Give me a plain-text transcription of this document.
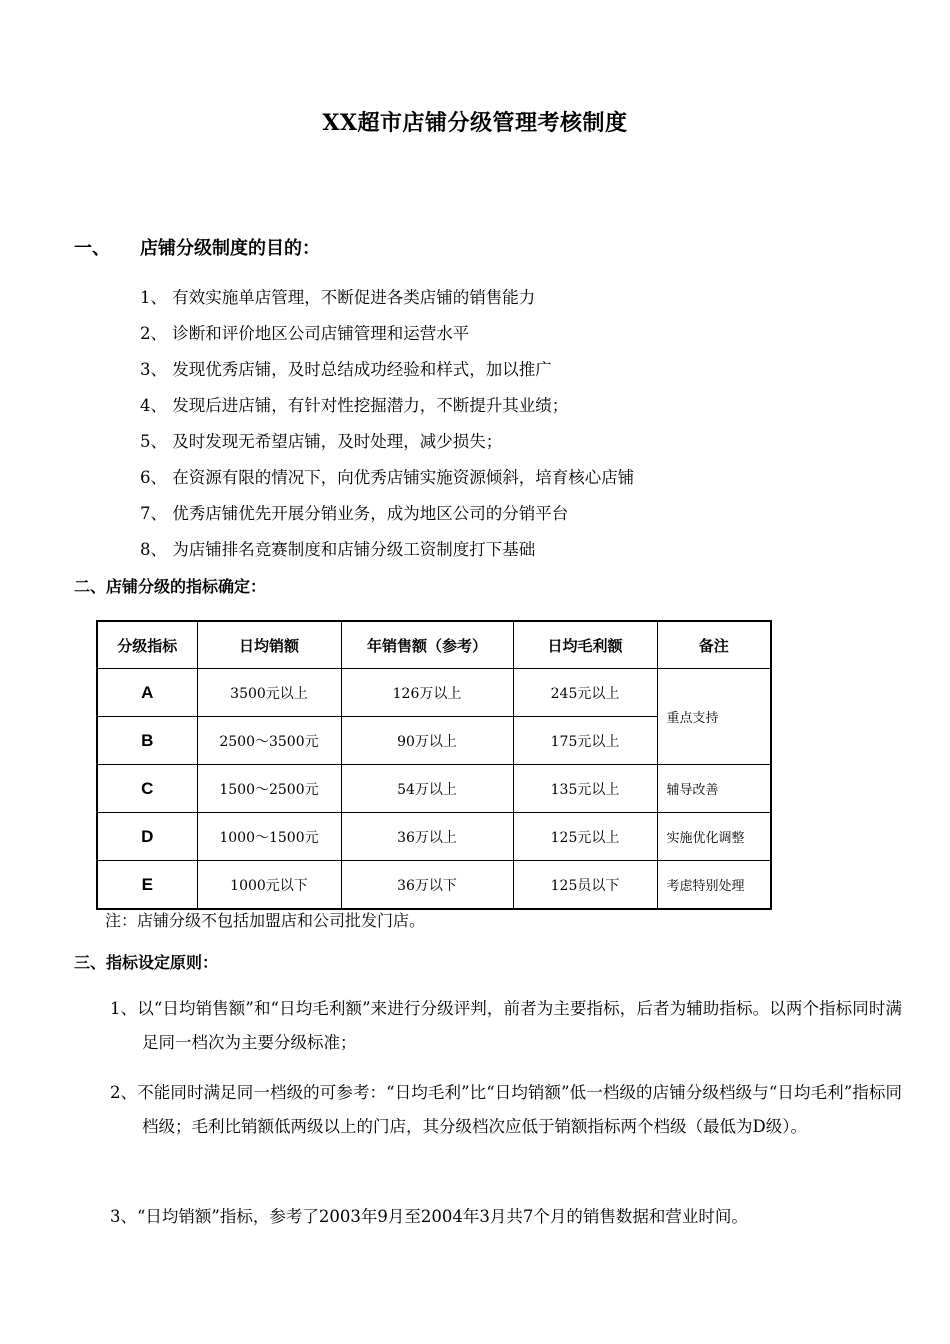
XX超市店铺分级管理考核制度
一、 店铺分级制度的目的：
1、 有效实施单店管理，不断促进各类店铺的销售能力
2、 诊断和评价地区公司店铺管理和运营水平
3、 发现优秀店铺，及时总结成功经验和样式，加以推广
4、 发现后进店铺，有针对性挖掘潜力，不断提升其业绩；
5、 及时发现无希望店铺，及时处理，减少损失；
6、 在资源有限的情况下，向优秀店铺实施资源倾斜，培育核心店铺
7、 优秀店铺优先开展分销业务，成为地区公司的分销平台
8、 为店铺排名竞赛制度和店铺分级工资制度打下基础
二、店铺分级的指标确定：
分级指标	日均销额	年销售额（参考）	日均毛利额	备注
A	3500元以上	126万以上	245元以上	重点支持
B	2500～3500元	90万以上	175元以上	
C	1500～2500元	54万以上	135元以上	辅导改善
D	1000～1500元	36万以上	125元以上	实施优化调整
E	1000元以下	36万以下	125员以下	考虑特别处理
注：店铺分级不包括加盟店和公司批发门店。
三、指标设定原则：
1、以“日均销售额”和“日均毛利额”来进行分级评判，前者为主要指标，后者为辅助指标。以两个指标同时满足同一档次为主要分级标准；
2、不能同时满足同一档级的可参考：“日均毛利”比“日均销额”低一档级的店铺分级档级与“日均毛利”指标同档级；毛利比销额低两级以上的门店，其分级档次应低于销额指标两个档级（最低为D级）。
3、“日均销额”指标，参考了2003年9月至2004年3月共7个月的销售数据和营业时间。
